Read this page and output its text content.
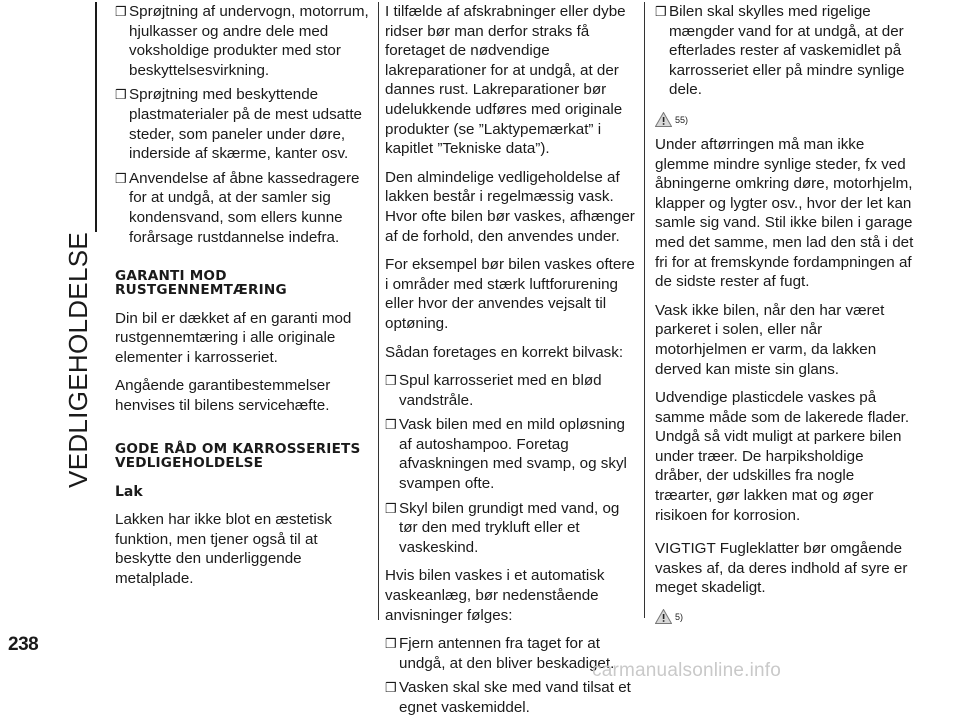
VEDLIGEHOLDELSE
238
❒ Sprøjtning af undervogn, motorrum, hjulkasser og andre dele med voksholdige produkter med stor beskyttelsesvirkning.
❒ Sprøjtning med beskyttende plastmaterialer på de mest udsatte steder, som paneler under døre, inderside af skærme, kanter osv.
❒ Anvendelse af åbne kassedragere for at undgå, at der samler sig kondensvand, som ellers kunne forårsage rustdannelse indefra.
GARANTI MOD RUSTGENNEMTÆRING

Din bil er dækket af en garanti mod rustgennemtæring i alle originale elementer i karrosseriet.

Angående garantibestemmelser henvises til bilens servicehæfte.

GODE RÅD OM KARROSSERIETS VEDLIGEHOLDELSE
Lak

Lakken har ikke blot en æstetisk funktion, men tjener også til at beskytte den underliggende metalplade.

I tilfælde af afskrabninger eller dybe ridser bør man derfor straks få foretaget de nødvendige lakreparationer for at undgå, at der dannes rust. Lakreparationer bør udelukkende udføres med originale produkter (se ”Laktypemærkat” i kapitlet ”Tekniske data”).

Den almindelige vedligeholdelse af lakken består i regelmæssig vask. Hvor ofte bilen bør vaskes, afhænger af de forhold, den anvendes under.

For eksempel bør bilen vaskes oftere i områder med stærk luftforurening eller hvor der anvendes vejsalt til optøning.

Sådan foretages en korrekt bilvask:

❒ Spul karrosseriet med en blød vandstråle.
❒ Vask bilen med en mild opløsning af autoshampoo. Foretag afvaskningen med svamp, og skyl svampen ofte.
❒ Skyl bilen grundigt med vand, og tør den med trykluft eller et vaskeskind.

Hvis bilen vaskes i et automatisk vaskeanlæg, bør nedenstående anvisninger følges:

❒ Fjern antennen fra taget for at undgå, at den bliver beskadiget.
❒ Vasken skal ske med vand tilsat et egnet vaskemiddel.
❒ Bilen skal skylles med rigelige mængder vand for at undgå, at der efterlades rester af vaskemidlet på karrosseriet eller på mindre synlige dele.
55)

Under aftørringen må man ikke glemme mindre synlige steder, fx ved åbningerne omkring døre, motorhjelm, klapper og lygter osv., hvor der let kan samle sig vand. Stil ikke bilen i garage med det samme, men lad den stå i det fri for at fremskynde fordampningen af de sidste rester af fugt.

Vask ikke bilen, når den har været parkeret i solen, eller når motorhjelmen er varm, da lakken derved kan miste sin glans.

Udvendige plasticdele vaskes på samme måde som de lakerede flader. Undgå så vidt muligt at parkere bilen under træer. De harpiksholdige dråber, der udskilles fra nogle træarter, gør lakken mat og øger risikoen for korrosion.

VIGTIGT Fugleklatter bør omgående vaskes af, da deres indhold af syre er meget skadeligt.

5)
carmanualsonline.info
